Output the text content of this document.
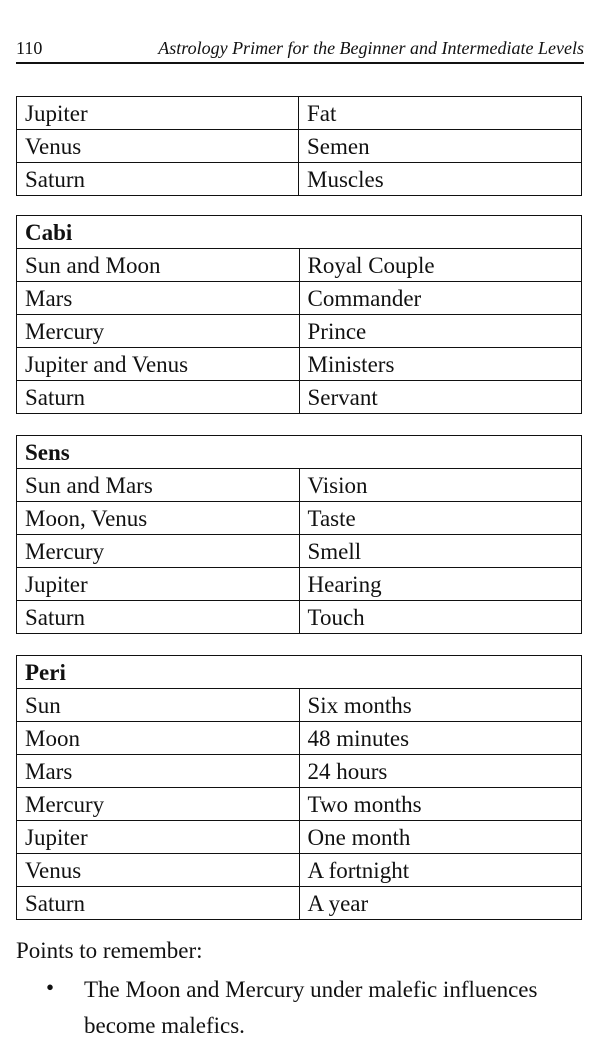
110	Astrology Primer for the Beginner and Intermediate Levels
Jupiter	Fat
Venus	Semen
Saturn	Muscles
Cabi	
Sun and Moon	Royal Couple
Mars	Commander
Mercury	Prince
Jupiter and Venus	Ministers
Saturn	Servant
Sens	
Sun and Mars	Vision
Moon, Venus	Taste
Mercury	Smell
Jupiter	Hearing
Saturn	Touch
Peri	
Sun	Six months
Moon	48 minutes
Mars	24 hours
Mercury	Two months
Jupiter	One month
Venus	A fortnight
Saturn	A year
Points to remember:
• The Moon and Mercury under malefic influences become malefics.
